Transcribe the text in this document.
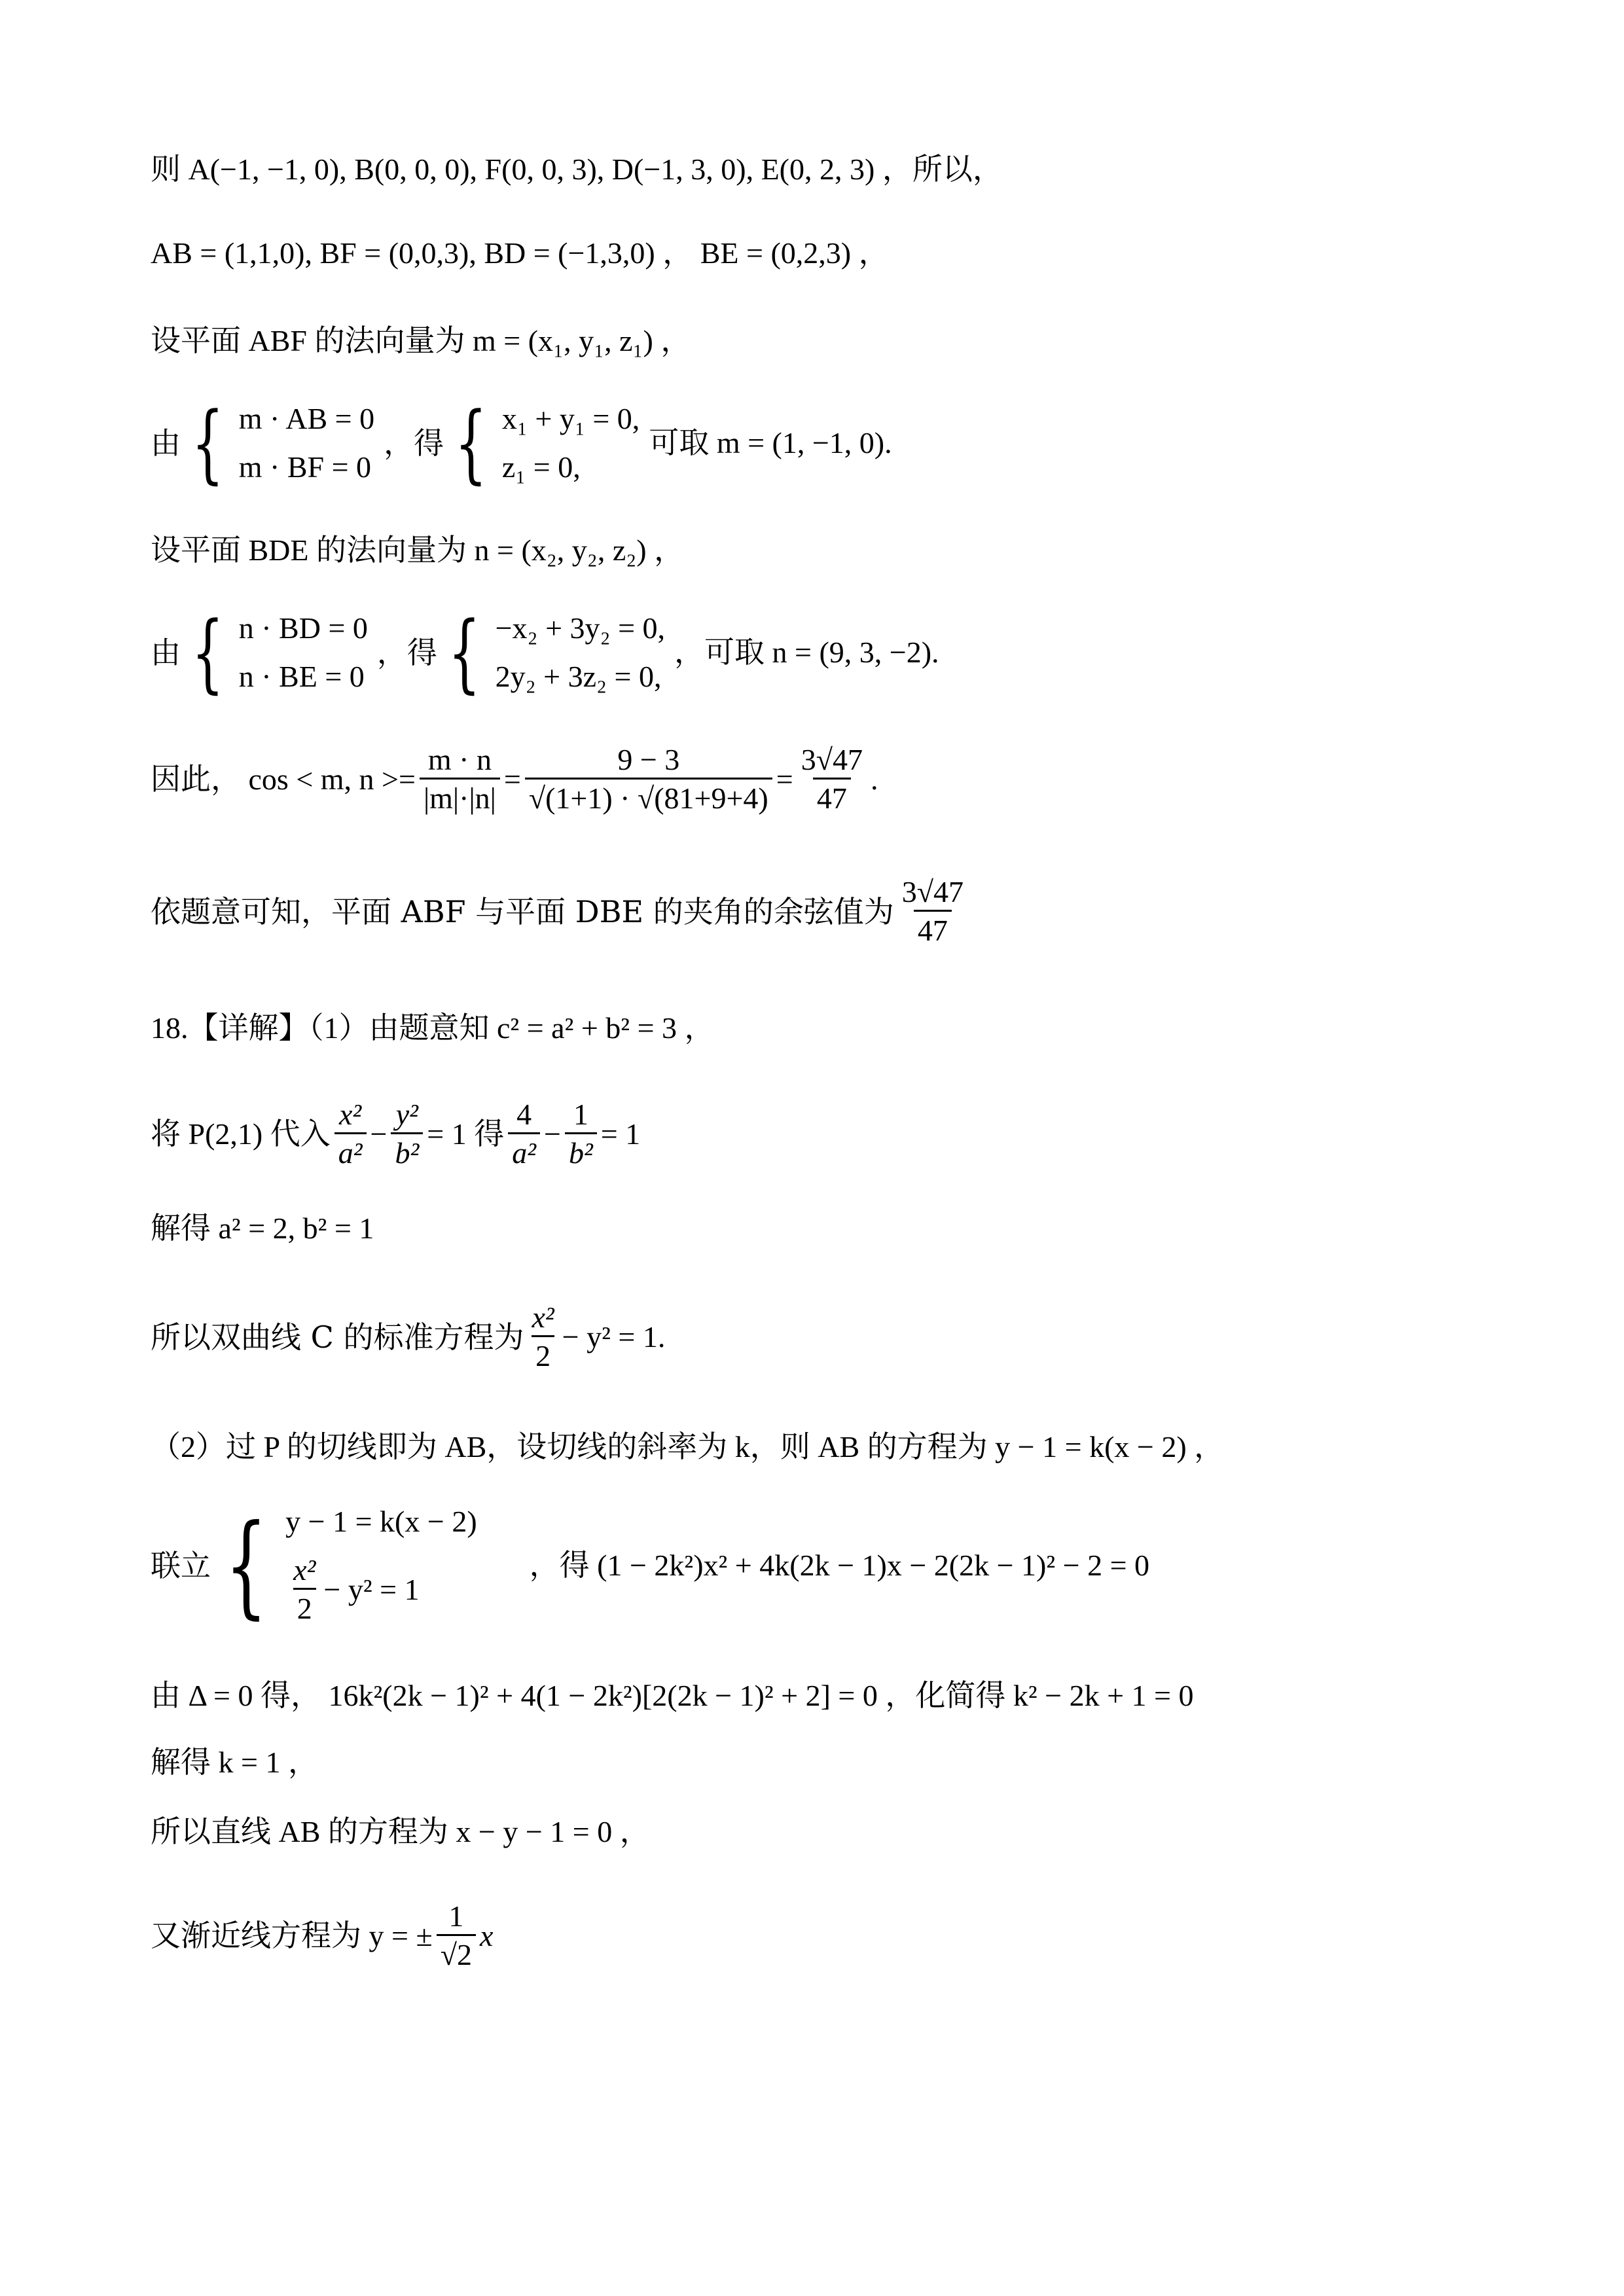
则 A(−1, −1, 0), B(0, 0, 0), F(0, 0, 3), D(−1, 3, 0), E(0, 2, 3) ，所以，
AB = (1,1,0), BF = (0,0,3), BD = (−1,3,0) ， BE = (0,2,3) ，
设平面 ABF 的法向量为 m = (x₁, y₁, z₁) ，
由 { m · AB = 0
m · BF = 0
，得 { x₁ + y₁ = 0,
z₁ = 0,
可取 m = (1, −1, 0).
设平面 BDE 的法向量为 n = (x₂, y₂, z₂) ，
由 { n · BD = 0
n · BE = 0
，得 { −x₂ + 3y₂ = 0,
2y₂ + 3z₂ = 0,
，可取 n = (9, 3, −2).
因此， cos < m, $n >= \frac{m \cdot n}{|m|\cdot|n|} = \frac{9 - 3}{√(1+1) \cdot √(81+9+4)} = \frac{3√47}{47}$ .
依题意可知，平面 ABF 与平面 DBE 的夹角的余弦值为 $\frac{3√47}{47}$
18.【详解】（1）由题意知 c² = a² + b² = 3 ，
将 P(2,1) 代入 $\frac{\text{x²}}{\text{a²}} - \frac{\text{y²}}{\text{b²}} = 1$ 得 $\frac{4}{\text{a²}} - \frac{1}{\text{b²}} = 1$
解得 a² = 2, b² = 1
所以双曲线 C 的标准方程为 $\frac{\text{x²}}{2} - y^2 = 1$.
（2）过 P 的切线即为 AB，设切线的斜率为 k，则 AB 的方程为 y − 1 = k(x − 2) ，
联立 { y − 1 = k(x − 2)
$\frac{\text{x²}}{2} - y^2 = 1$
，得 (1 − 2k²)x² + 4k(2k − 1)x − 2(2k − 1)² − 2 = 0
由 Δ = 0 得， 16k²(2k − 1)² + 4(1 − 2k²)[2(2k − 1)² + 2] = 0 ，化简得 k² − 2k + 1 = 0
解得 k = 1 ，
所以直线 AB 的方程为 x − y − 1 = 0 ，
又渐近线方程为 y = ± $\frac{1}{√2}$ x
